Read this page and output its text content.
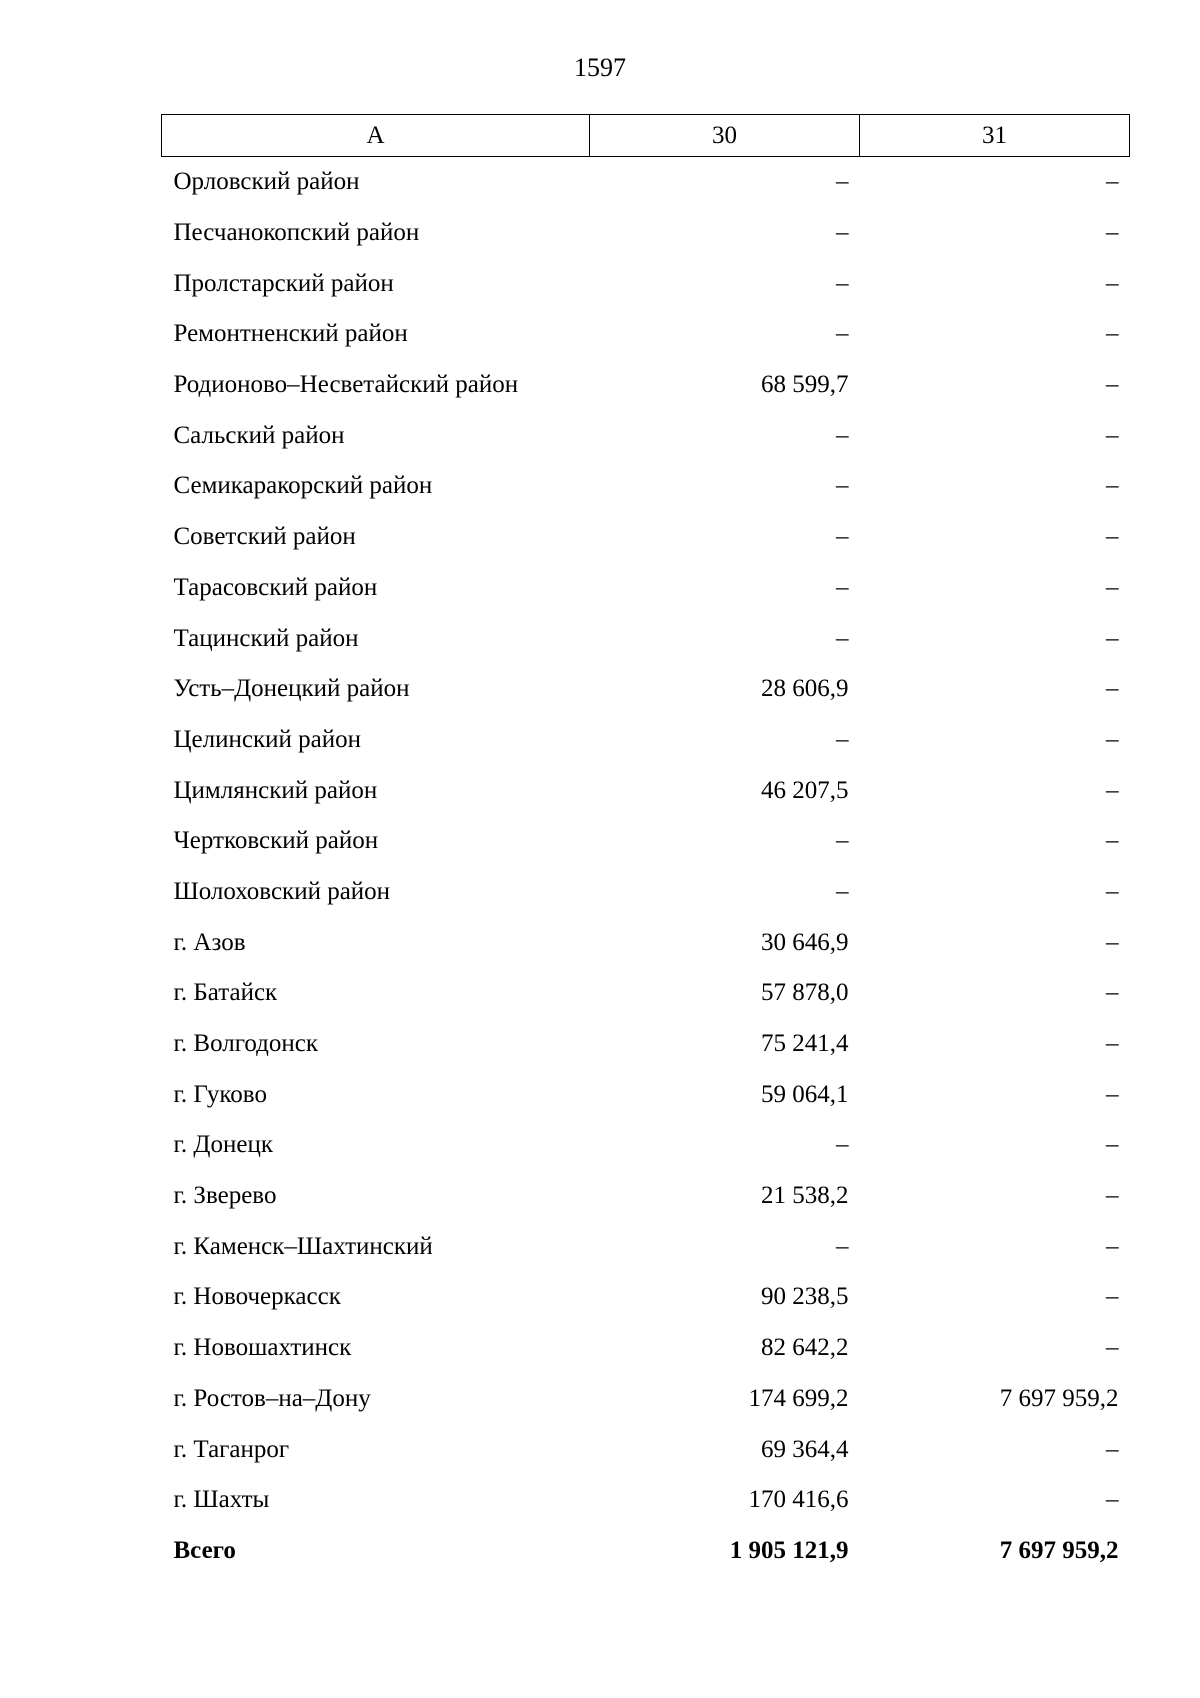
1597
A	30	31
Орловский район	–	–
Песчанокопский район	–	–
Пролстарский район	–	–
Ремонтненский район	–	–
Родионово–Несветайский район	68 599,7	–
Сальский район	–	–
Семикаракорский район	–	–
Советский район	–	–
Тарасовский район	–	–
Тацинский район	–	–
Усть–Донецкий район	28 606,9	–
Целинский район	–	–
Цимлянский район	46 207,5	–
Чертковский район	–	–
Шолоховский район	–	–
г. Азов	30 646,9	–
г. Батайск	57 878,0	–
г. Волгодонск	75 241,4	–
г. Гуково	59 064,1	–
г. Донецк	–	–
г. Зверево	21 538,2	–
г. Каменск–Шахтинский	–	–
г. Новочеркасск	90 238,5	–
г. Новошахтинск	82 642,2	–
г. Ростов–на–Дону	174 699,2	7 697 959,2
г. Таганрог	69 364,4	–
г. Шахты	170 416,6	–
Всего	1 905 121,9	7 697 959,2
